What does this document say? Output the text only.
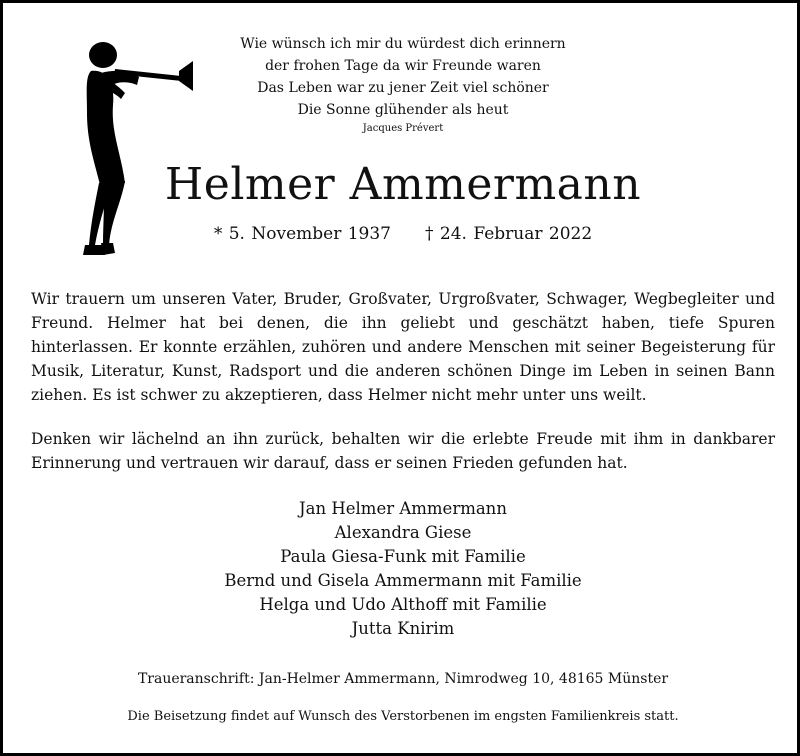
Wie wünsch ich mir du würdest dich erinnern
der frohen Tage da wir Freunde waren
Das Leben war zu jener Zeit viel schöner
Die Sonne glühender als heut
Jacques Prévert
Helmer Ammermann
* 5. November 1937 † 24. Februar 2022

Wir trauern um unseren Vater, Bruder, Großvater, Urgroßvater, Schwager, Wegbegleiter und Freund. Helmer hat bei denen, die ihn geliebt und geschätzt haben, tiefe Spuren hinterlassen. Er konnte erzählen, zuhören und andere Menschen mit seiner Begeisterung für Musik, Literatur, Kunst, Radsport und die anderen schönen Dinge im Leben in seinen Bann ziehen. Es ist schwer zu akzeptieren, dass Helmer nicht mehr unter uns weilt.

Denken wir lächelnd an ihn zurück, behalten wir die erlebte Freude mit ihm in dankbarer Erinnerung und vertrauen wir darauf, dass er seinen Frieden gefunden hat.

Jan Helmer Ammermann
Alexandra Giese
Paula Giesa-Funk mit Familie
Bernd und Gisela Ammermann mit Familie
Helga und Udo Althoff mit Familie
Jutta Knirim
Traueranschrift: Jan-Helmer Ammermann, Nimrodweg 10, 48165 Münster
Die Beisetzung findet auf Wunsch des Verstorbenen im engsten Familienkreis statt.
